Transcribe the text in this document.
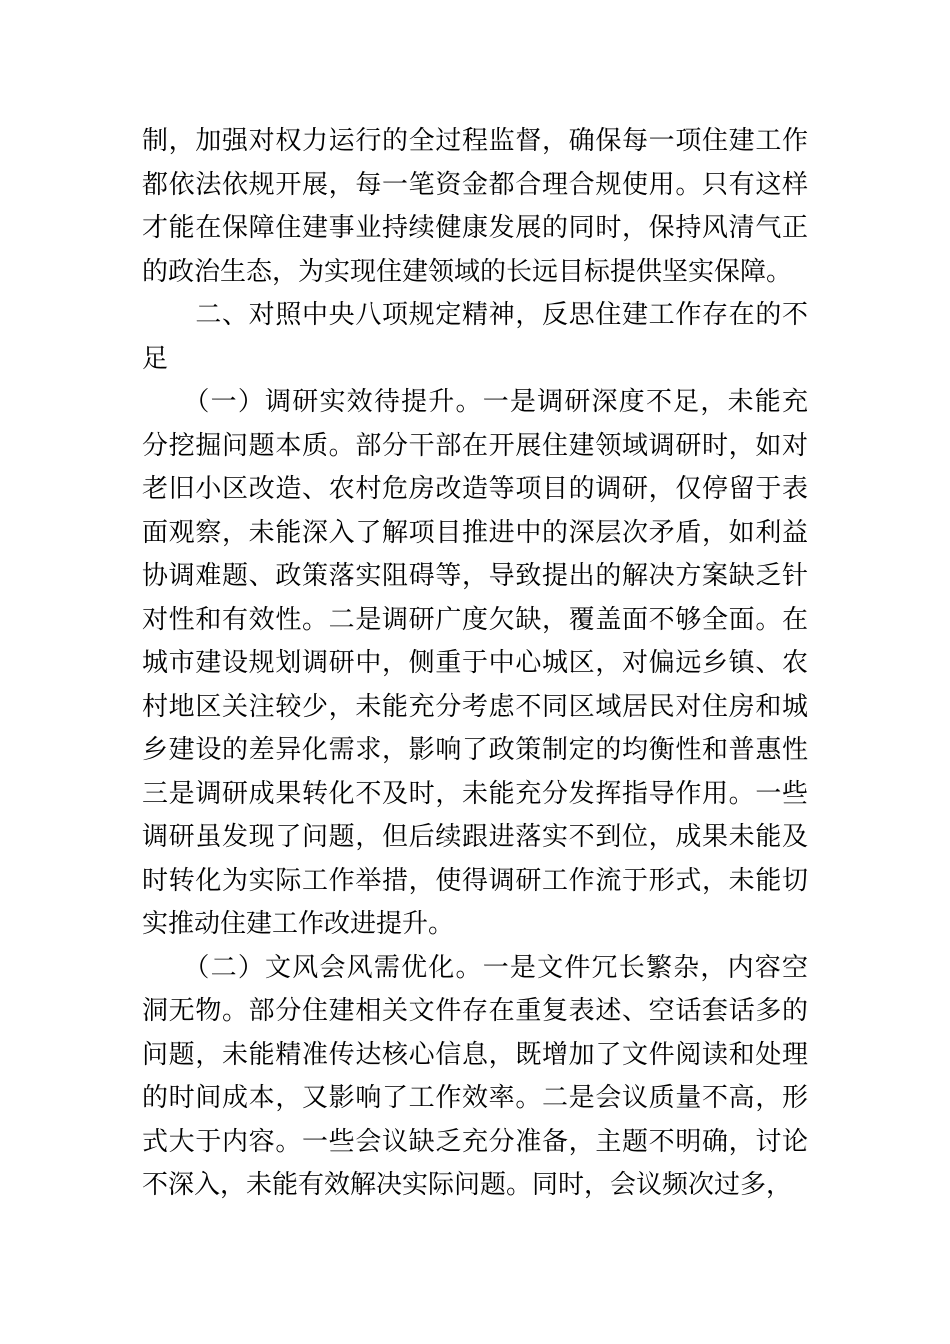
制，加强对权力运行的全过程监督，确保每一项住建工作
都依法依规开展，每一笔资金都合理合规使用。只有这样
才能在保障住建事业持续健康发展的同时，保持风清气正
的政治生态，为实现住建领域的长远目标提供坚实保障。
　　二、对照中央八项规定精神，反思住建工作存在的不
足
　　（一）调研实效待提升。一是调研深度不足，未能充
分挖掘问题本质。部分干部在开展住建领域调研时，如对
老旧小区改造、农村危房改造等项目的调研，仅停留于表
面观察，未能深入了解项目推进中的深层次矛盾，如利益
协调难题、政策落实阻碍等，导致提出的解决方案缺乏针
对性和有效性。二是调研广度欠缺，覆盖面不够全面。在
城市建设规划调研中，侧重于中心城区，对偏远乡镇、农
村地区关注较少，未能充分考虑不同区域居民对住房和城
乡建设的差异化需求，影响了政策制定的均衡性和普惠性
三是调研成果转化不及时，未能充分发挥指导作用。一些
调研虽发现了问题，但后续跟进落实不到位，成果未能及
时转化为实际工作举措，使得调研工作流于形式，未能切
实推动住建工作改进提升。
　　（二）文风会风需优化。一是文件冗长繁杂，内容空
洞无物。部分住建相关文件存在重复表述、空话套话多的
问题，未能精准传达核心信息，既增加了文件阅读和处理
的时间成本，又影响了工作效率。二是会议质量不高，形
式大于内容。一些会议缺乏充分准备，主题不明确，讨论
不深入，未能有效解决实际问题。同时，会议频次过多，
